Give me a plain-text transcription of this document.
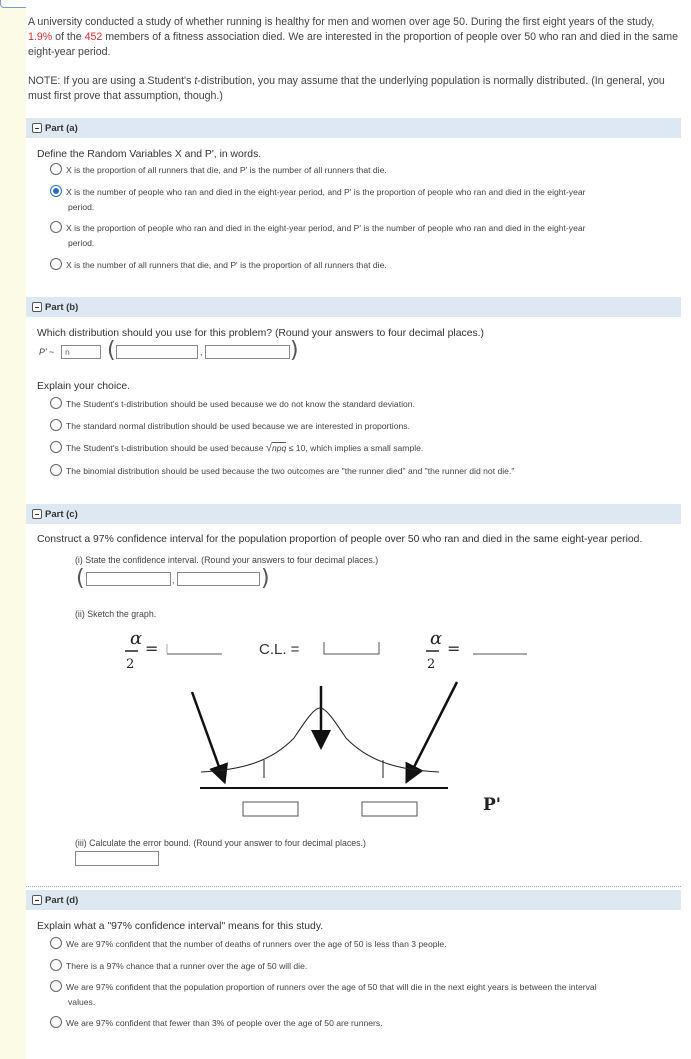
A university conducted a study of whether running is healthy for men and women over age 50. During the first eight years of the study, 1.9% of the 452 members of a fitness association died. We are interested in the proportion of people over 50 who ran and died in the same eight-year period.
NOTE: If you are using a Student's t-distribution, you may assume that the underlying population is normally distributed. (In general, you must first prove that assumption, though.)
Part (a)
Define the Random Variables X and P', in words.
X is the proportion of all runners that die, and P' is the number of all runners that die.
X is the number of people who ran and died in the eight-year period, and P' is the proportion of people who ran and died in the eight-year
period.
X is the proportion of people who ran and died in the eight-year period, and P' is the number of people who ran and died in the eight-year
period.
X is the number of all runners that die, and P' is the proportion of all runners that die.
Part (b)
Which distribution should you use for this problem? (Round your answers to four decimal places.)
P' ~	n	(	,	)
Explain your choice.
The Student's t-distribution should be used because we do not know the standard deviation.
The standard normal distribution should be used because we are interested in proportions.
The Student's t-distribution should be used because √npq ≤ 10, which implies a small sample.
The binomial distribution should be used because the two outcomes are "the runner died" and "the runner did not die."
Part (c)
Construct a 97% confidence interval for the population proportion of people over 50 who ran and died in the same eight-year period.
(i) State the confidence interval. (Round your answers to four decimal places.)
(	,	)
(ii) Sketch the graph.
α
2
=	C.L. =
α
2
=
P'
(iii) Calculate the error bound. (Round your answer to four decimal places.)
Part (d)
Explain what a "97% confidence interval" means for this study.
We are 97% confident that the number of deaths of runners over the age of 50 is less than 3 people.
There is a 97% chance that a runner over the age of 50 will die.
We are 97% confident that the population proportion of runners over the age of 50 that will die in the next eight years is between the interval
values.
We are 97% confident that fewer than 3% of people over the age of 50 are runners.
